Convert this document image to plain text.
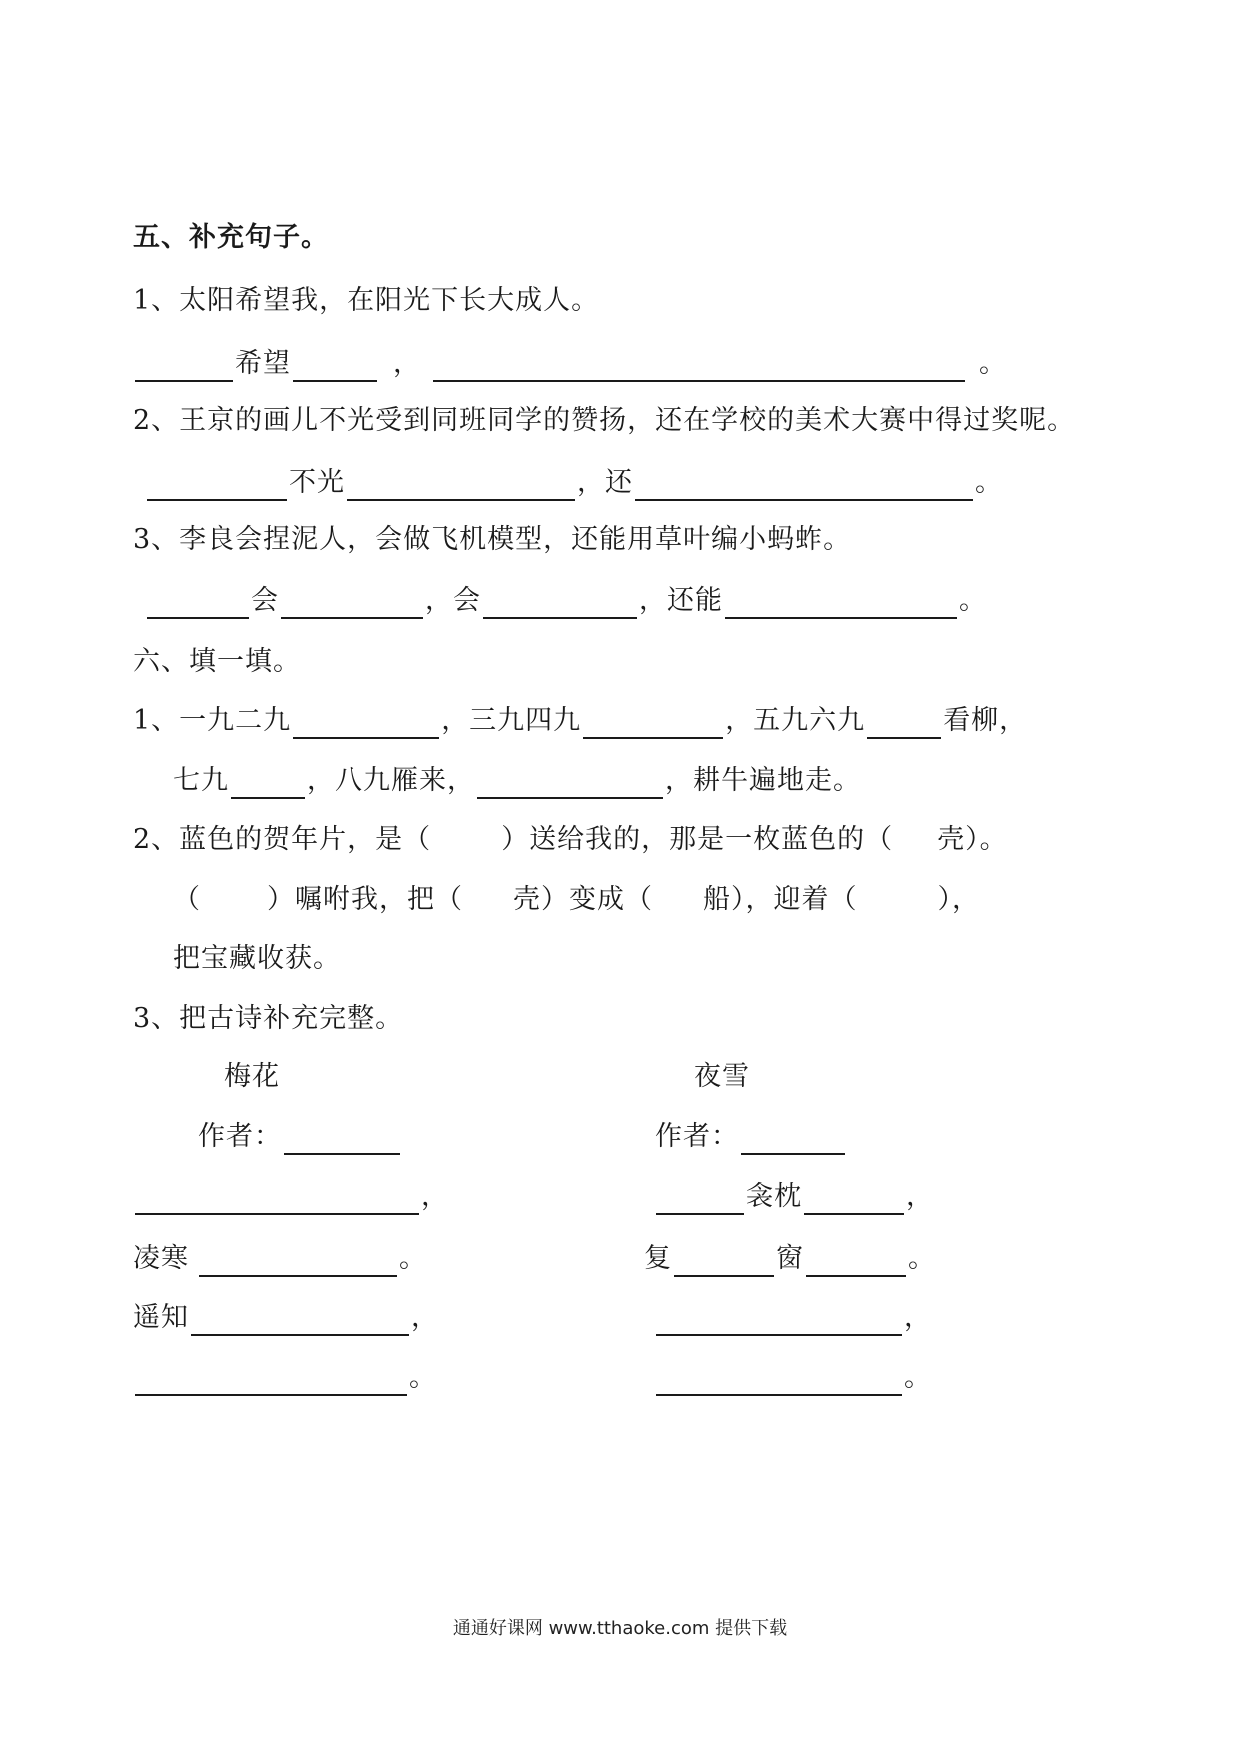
五、补充句子。
1、太阳希望我，在阳光下长大成人。
希望	，	。
2、王京的画儿不光受到同班同学的赞扬，还在学校的美术大赛中得过奖呢。
不光	，还	。
3、李良会捏泥人，会做飞机模型，还能用草叶编小蚂蚱。
会	，会	，还能	。
六、填一填。
1、一九二九	，三九四九	，五九六九	看柳，
七九	，八九雁来，	，耕牛遍地走。
2、蓝色的贺年片，是（	）送给我的，那是一枚蓝色的（ 壳）。
（ ）嘱咐我，把（ 壳）变成（ 船），迎着（	），
把宝藏收获。
3、把古诗补充完整。
梅花
作者：
，
凌寒	。
遥知	，
。
夜雪
作者：
衾枕	，
复	窗	。
，
。
通通好课网 www.tthaoke.com 提供下载
